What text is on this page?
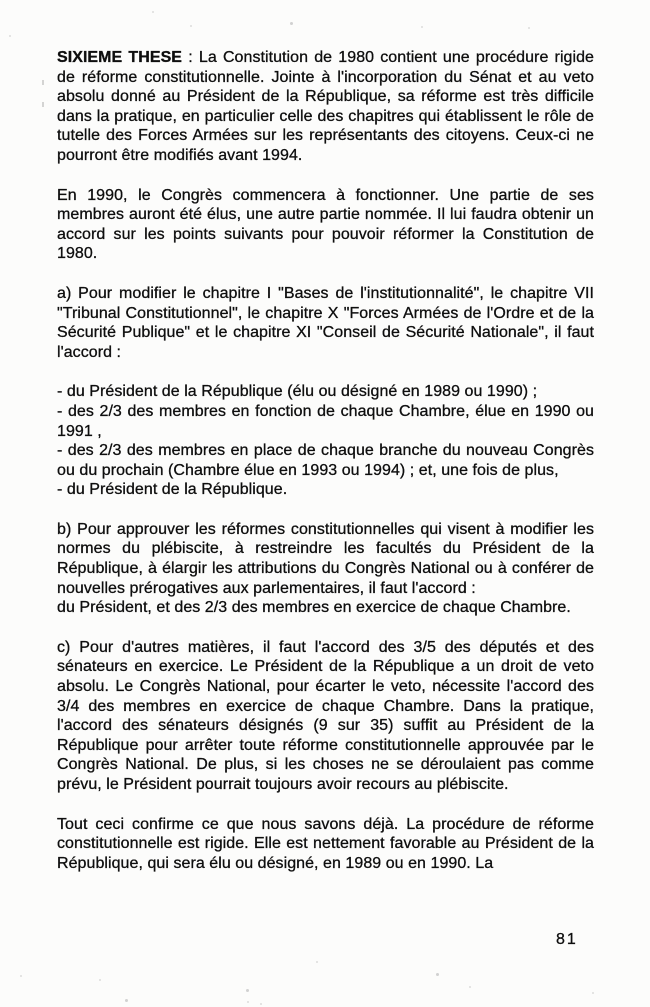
SIXIEME THESE : La Constitution de 1980 contient une procédure rigide de réforme constitutionnelle. Jointe à l'incorporation du Sénat et au veto absolu donné au Président de la République, sa réforme est très difficile dans la pratique, en particulier celle des chapitres qui établissent le rôle de tutelle des Forces Armées sur les représentants des citoyens. Ceux-ci ne pourront être modifiés avant 1994.

En 1990, le Congrès commencera à fonctionner. Une partie de ses membres auront été élus, une autre partie nommée. Il lui faudra obtenir un accord sur les points suivants pour pouvoir réformer la Constitution de 1980.

a) Pour modifier le chapitre I "Bases de l'institutionnalité", le chapitre VII "Tribunal Constitutionnel", le chapitre X "Forces Armées de l'Ordre et de la Sécurité Publique" et le chapitre XI "Conseil de Sécurité Nationale", il faut l'accord :

- du Président de la République (élu ou désigné en 1989 ou 1990) ;
- des 2/3 des membres en fonction de chaque Chambre, élue en 1990 ou 1991 ,
- des 2/3 des membres en place de chaque branche du nouveau Congrès ou du prochain (Chambre élue en 1993 ou 1994) ; et, une fois de plus,
- du Président de la République.

b) Pour approuver les réformes constitutionnelles qui visent à modifier les normes du plébiscite, à restreindre les facultés du Président de la République, à élargir les attributions du Congrès National ou à conférer de nouvelles prérogatives aux parlementaires, il faut l'accord :

du Président, et des 2/3 des membres en exercice de chaque Chambre.

c) Pour d'autres matières, il faut l'accord des 3/5 des députés et des sénateurs en exercice. Le Président de la République a un droit de veto absolu. Le Congrès National, pour écarter le veto, nécessite l'accord des 3/4 des membres en exercice de chaque Chambre. Dans la pratique, l'accord des sénateurs désignés (9 sur 35) suffit au Président de la République pour arrêter toute réforme constitutionnelle approuvée par le Congrès National. De plus, si les choses ne se déroulaient pas comme prévu, le Président pourrait toujours avoir recours au plébiscite.

Tout ceci confirme ce que nous savons déjà. La procédure de réforme constitutionnelle est rigide. Elle est nettement favorable au Président de la République, qui sera élu ou désigné, en 1989 ou en 1990. La

81
